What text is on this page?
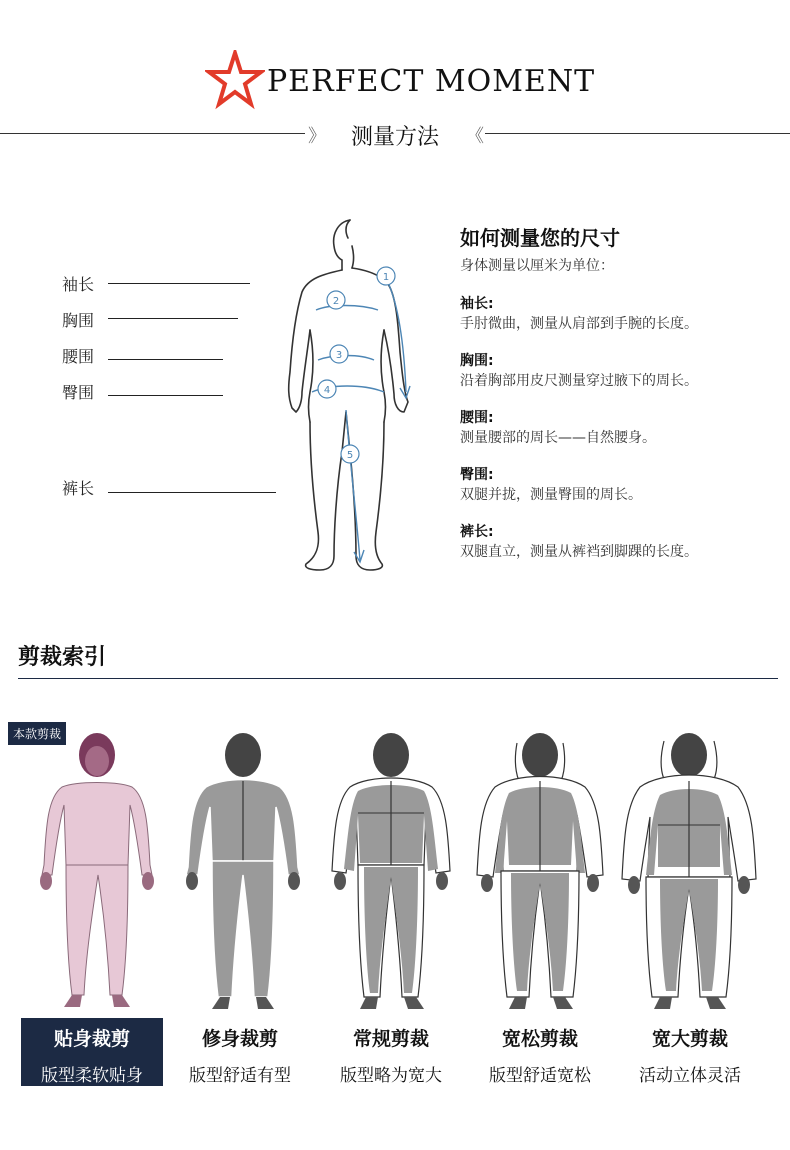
PERFECT MOMENT
》	测量方法	《
袖长
胸围
腰围
臀围
裤长
1
2
3
4
5
如何测量您的尺寸
身体测量以厘米为单位：
袖长:
手肘微曲，测量从肩部到手腕的长度。
胸围:
沿着胸部用皮尺测量穿过腋下的周长。
腰围:
测量腰部的周长——自然腰身。
臀围:
双腿并拢，测量臀围的周长。
裤长:
双腿直立，测量从裤裆到脚踝的长度。
剪裁索引
本款剪裁
贴身裁剪
版型柔软贴身
修身裁剪
版型舒适有型
常规剪裁
版型略为宽大
宽松剪裁
版型舒适宽松
宽大剪裁
活动立体灵活
